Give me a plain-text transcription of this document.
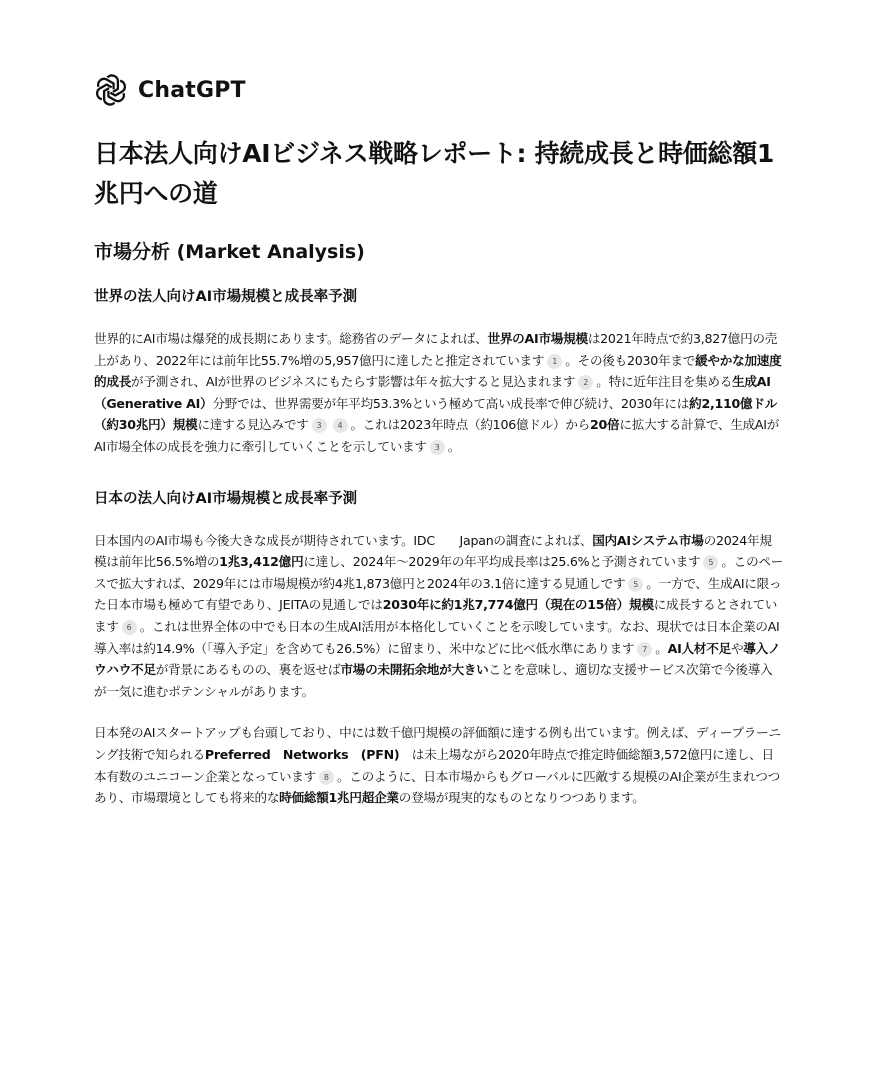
ChatGPT
日本法人向けAIビジネス戦略レポート: 持続成長と時価総額1兆円への道
市場分析 (Market Analysis)
世界の法人向けAI市場規模と成長率予測

世界的にAI市場は爆発的成長期にあります。総務省のデータによれば、世界のAI市場規模は2021年時点で約3,827億円の売上があり、2022年には前年比55.7%増の5,957億円に達したと推定されています 1 。その後も2030年まで緩やかな加速度的成長が予測され、AIが世界のビジネスにもたらす影響は年々拡大すると見込まれます 2 。特に近年注目を集める生成AI（Generative AI）分野では、世界需要が年平均53.3%という極めて高い成長率で伸び続け、2030年には約2,110億ドル（約30兆円）規模に達する見込みです 3 4 。これは2023年時点（約106億ドル）から20倍に拡大する計算で、生成AIがAI市場全体の成長を強力に牽引していくことを示しています 3 。

日本の法人向けAI市場規模と成長率予測

日本国内のAI市場も今後大きな成長が期待されています。IDC　　Japanの調査によれば、国内AIシステム市場の2024年規模は前年比56.5%増の1兆3,412億円に達し、2024年〜2029年の年平均成長率は25.6%と予測されています 5 。このペースで拡大すれば、2029年には市場規模が約4兆1,873億円と2024年の3.1倍に達する見通しです 5 。一方で、生成AIに限った日本市場も極めて有望であり、JEITAの見通しでは2030年に約1兆7,774億円（現在の15倍）規模に成長するとされています 6 。これは世界全体の中でも日本の生成AI活用が本格化していくことを示唆しています。なお、現状では日本企業のAI導入率は約14.9%（「導入予定」を含めても26.5%）に留まり、米中などに比べ低水準にあります 7 。AI人材不足や導入ノウハウ不足が背景にあるものの、裏を返せば市場の未開拓余地が大きいことを意味し、適切な支援サービス次第で今後導入が一気に進むポテンシャルがあります。

日本発のAIスタートアップも台頭しており、中には数千億円規模の評価額に達する例も出ています。例えば、ディープラーニング技術で知られるPreferred　Networks　(PFN)　は未上場ながら2020年時点で推定時価総額3,572億円に達し、日本有数のユニコーン企業となっています 8 。このように、日本市場からもグローバルに匹敵する規模のAI企業が生まれつつあり、市場環境としても将来的な時価総額1兆円超企業の登場が現実的なものとなりつつあります。
